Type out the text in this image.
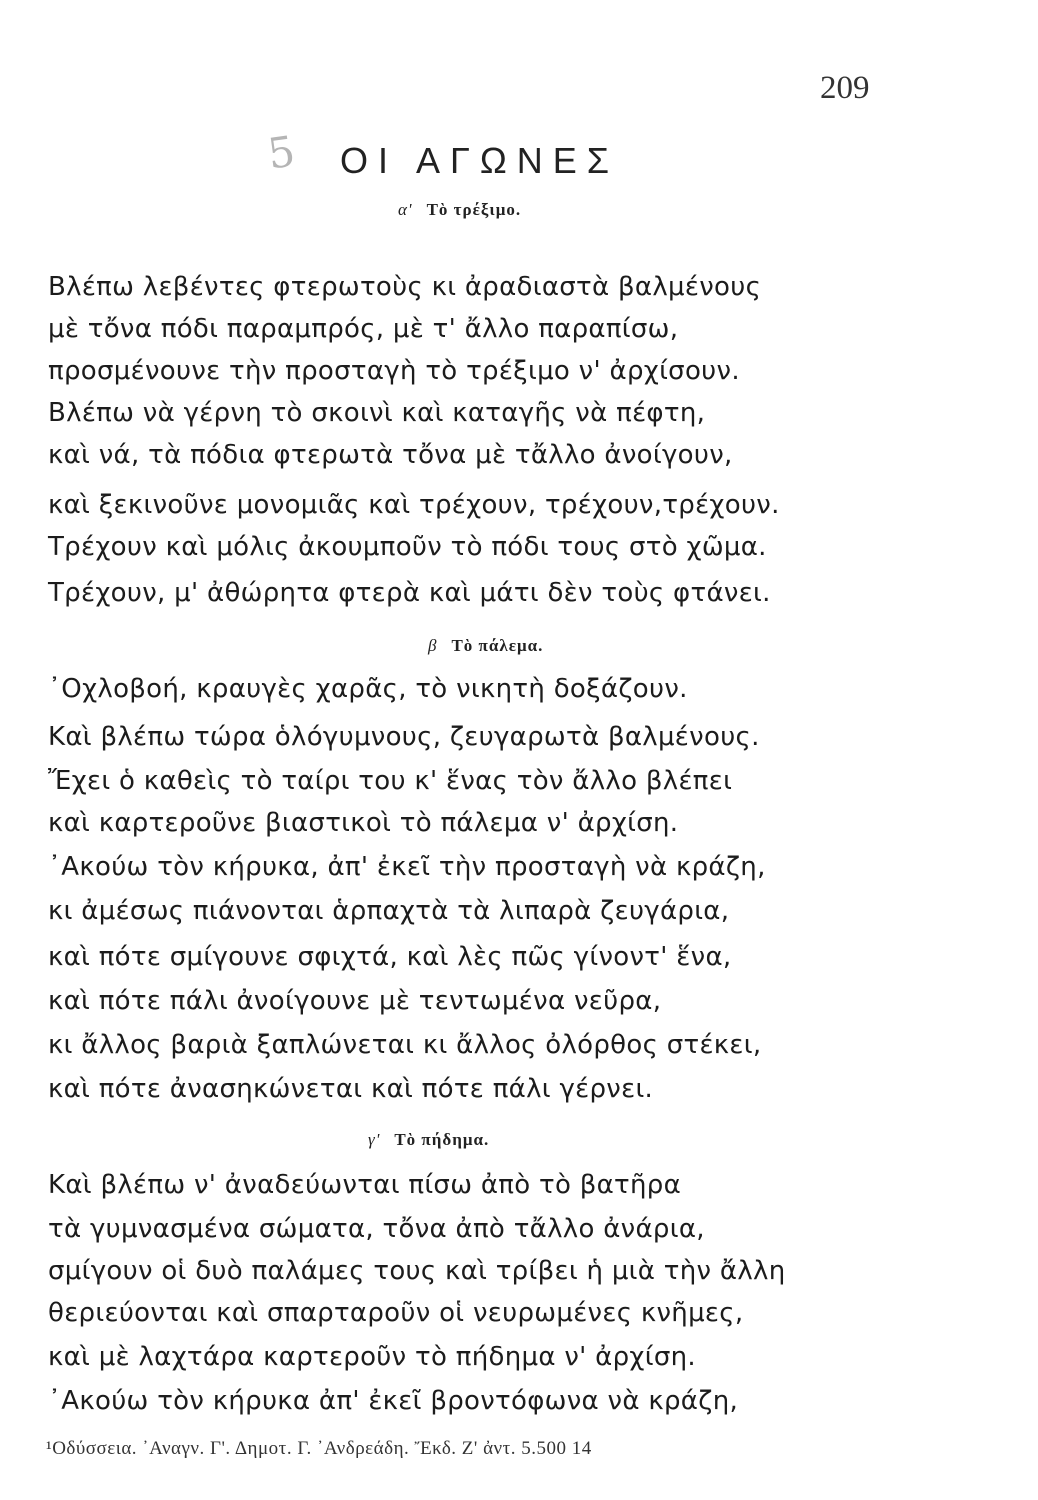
209
5 ΟΙ ΑΓΩΝΕΣ
α' Τὸ τρέξιμο.
Βλέπω λεβέντες φτερωτοὺς κι ἀραδιαστὰ βαλμένους
μὲ τὄνα πόδι παραμπρός, μὲ τ' ἄλλο παραπίσω,
προσμένουνε τὴν προσταγὴ τὸ τρέξιμο ν' ἀρχίσουν.
Βλέπω νὰ γέρνη τὸ σκοινὶ καὶ καταγῆς νὰ πέφτη,
καὶ νά, τὰ πόδια φτερωτὰ τὄνα μὲ τἄλλο ἀνοίγουν,
καὶ ξεκινοῦνε μονομιᾶς καὶ τρέχουν, τρέχουν,τρέχουν.
Τρέχουν καὶ μόλις ἀκουμποῦν τὸ πόδι τους στὸ χῶμα.
Τρέχουν, μ' ἀθώρητα φτερὰ καὶ μάτι δὲν τοὺς φτάνει.
β Τὸ πάλεμα.
᾿Οχλοβοή, κραυγὲς χαρᾶς, τὸ νικητὴ δοξάζουν.
Καὶ βλέπω τώρα ὁλόγυμνους, ζευγαρωτὰ βαλμένους.
Ἔχει ὁ καθεὶς τὸ ταίρι του κ' ἕνας τὸν ἄλλο βλέπει
καὶ καρτεροῦνε βιαστικοὶ τὸ πάλεμα ν' ἀρχίση.
᾿Ακούω τὸν κήρυκα, ἀπ' ἐκεῖ τὴν προσταγὴ νὰ κράζη,
κι ἀμέσως πιάνονται ἁρπαχτὰ τὰ λιπαρὰ ζευγάρια,
καὶ πότε σμίγουνε σφιχτά, καὶ λὲς πῶς γίνοντ' ἕνα,
καὶ πότε πάλι ἀνοίγουνε μὲ τεντωμένα νεῦρα,
κι ἄλλος βαριὰ ξαπλώνεται κι ἄλλος ὀλόρθος στέκει,
καὶ πότε ἀνασηκώνεται καὶ πότε πάλι γέρνει.
γ' Τὸ πήδημα.
Καὶ βλέπω ν' ἀναδεύωνται πίσω ἀπὸ τὸ βατῆρα
τὰ γυμνασμένα σώματα, τὄνα ἀπὸ τἄλλο ἀνάρια,
σμίγουν οἱ δυὸ παλάμες τους καὶ τρίβει ἡ μιὰ τὴν ἄλλη
θεριεύονται καὶ σπαρταροῦν οἱ νευρωμένες κνῆμες,
καὶ μὲ λαχτάρα καρτεροῦν τὸ πήδημα ν' ἀρχίση.
᾿Ακούω τὸν κήρυκα ἀπ' ἐκεῖ βροντόφωνα νὰ κράζη,
¹Οδύσσεια. ᾿Αναγν. Γ'. Δημοτ. Γ. ᾿Ανδρεάδη. Ἔκδ. Ζ' ἀντ. 5.500 14
